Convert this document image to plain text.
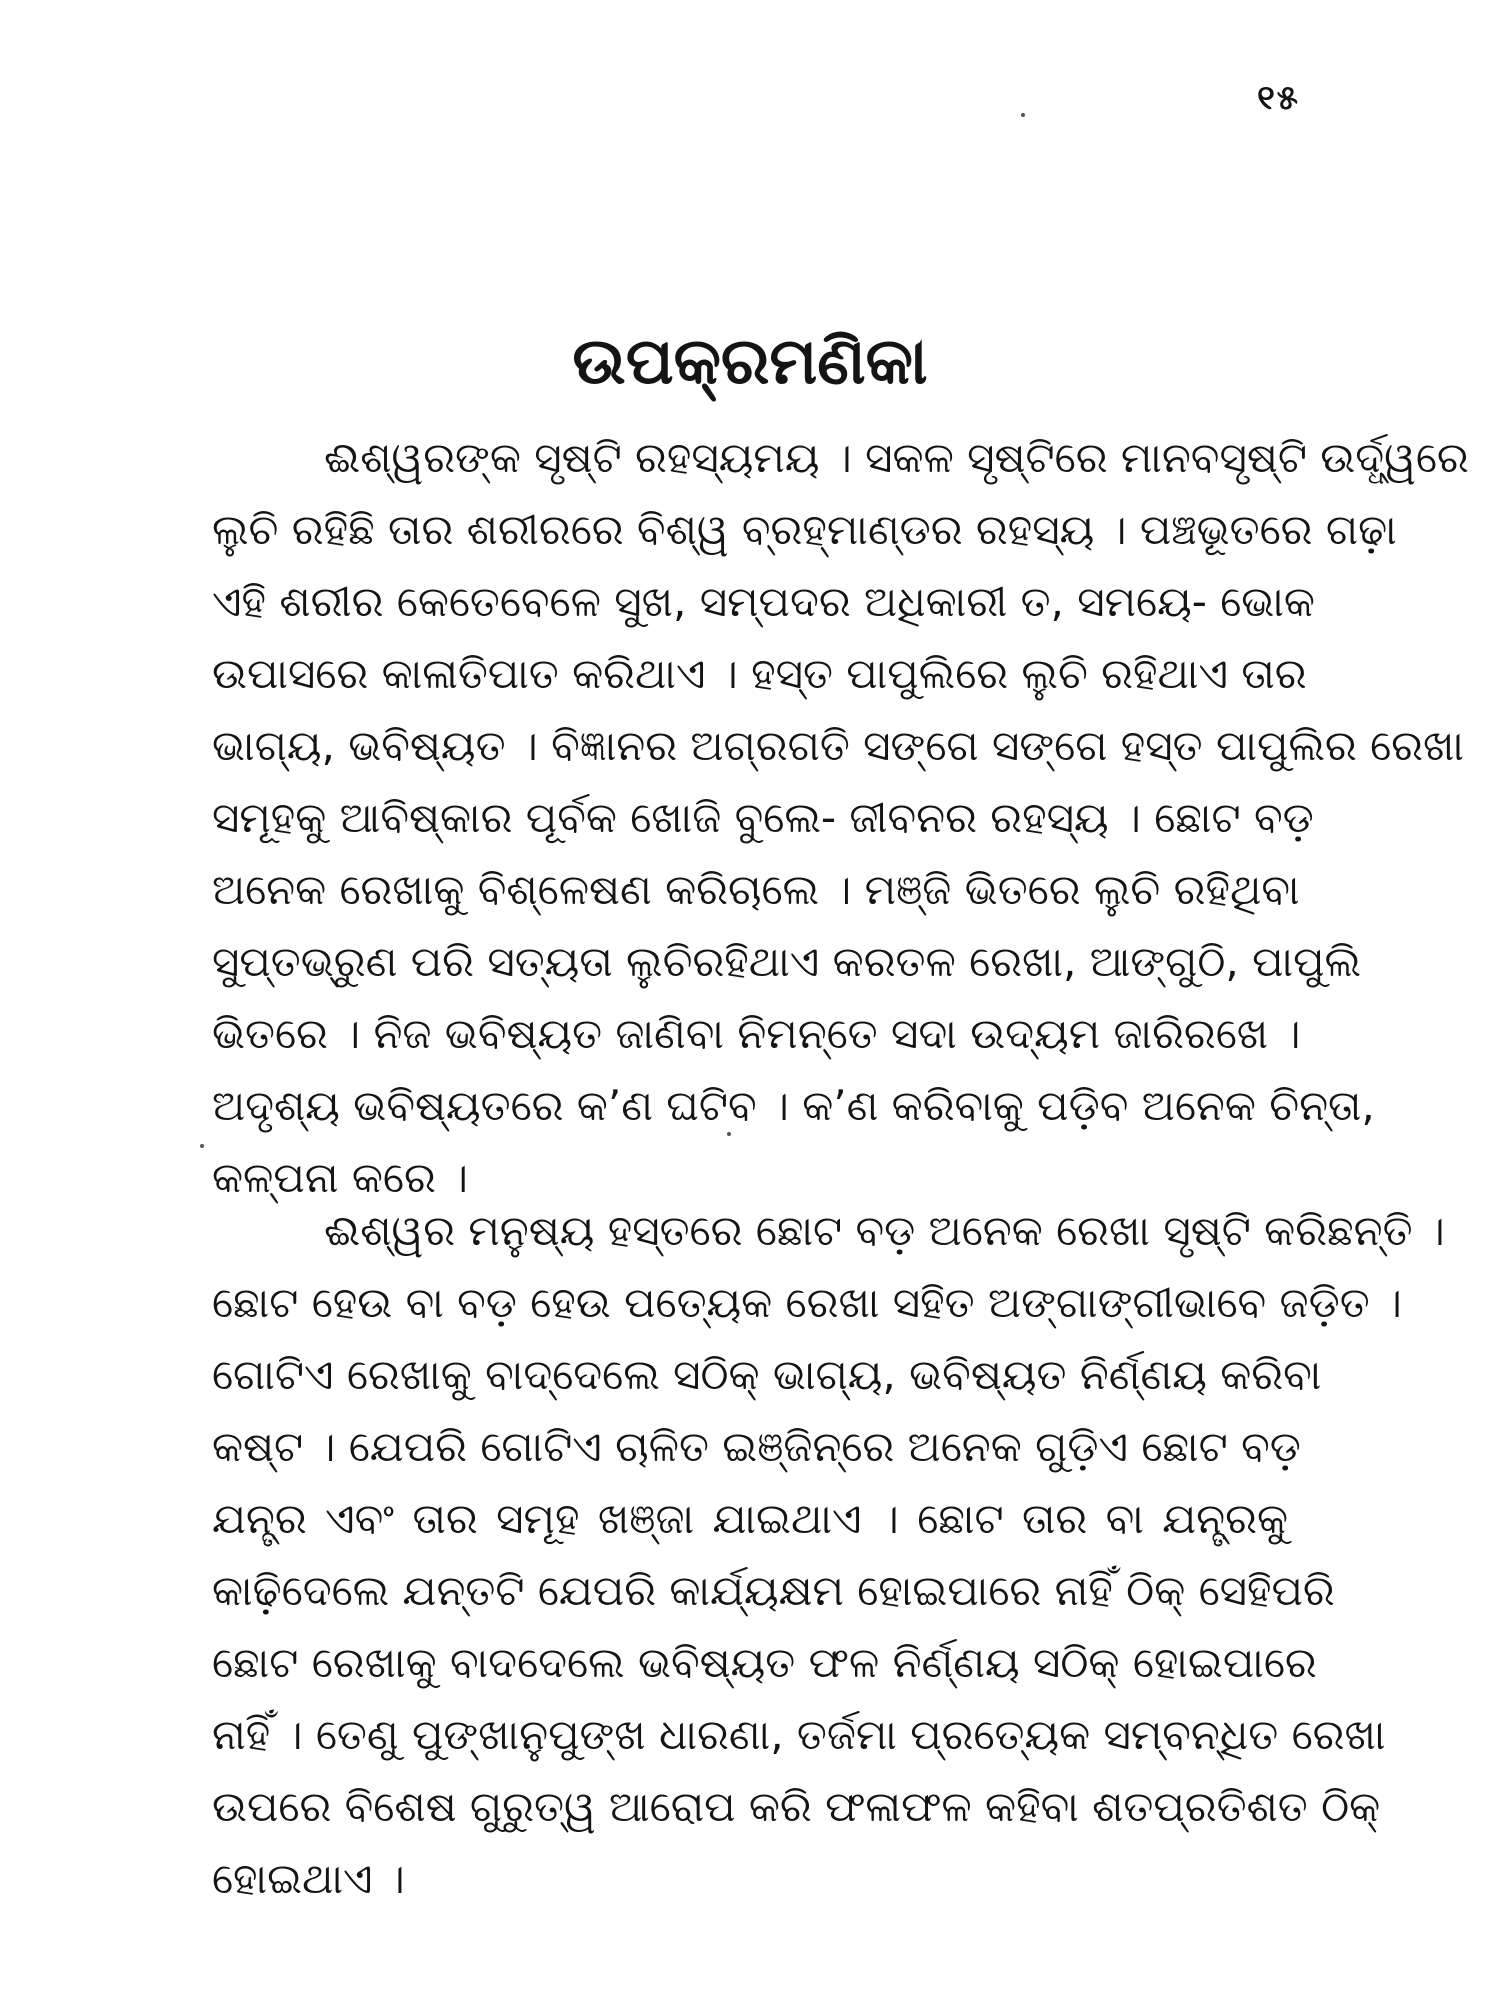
୧୫
ଉପକ୍ରମଣିକା
ଈଶ୍ୱରଙ୍କ ସୃଷ୍ଟି ରହସ୍ୟମୟ । ସକଳ ସୃଷ୍ଟିରେ ମାନବସୃଷ୍ଟି ଉର୍ଦ୍ଧ୍ୱରେ
ଲୁଚି ରହିଛି ତାର ଶରୀରରେ ବିଶ୍ୱ ବ୍ରହ୍ମାଣ୍ଡର ରହସ୍ୟ । ପଞ୍ଚଭୂତରେ ଗଢ଼ା
ଏହି ଶରୀର କେତେବେଳେ ସୁଖ, ସମ୍ପଦର ଅଧିକାରୀ ତ, ସମୟେ- ଭୋକ
ଉପାସରେ କାଳାତିପାତ କରିଥାଏ । ହସ୍ତ ପାପୁଲିରେ ଲୁଚି ରହିଥାଏ ତାର
ଭାଗ୍ୟ, ଭବିଷ୍ୟତ । ବିଜ୍ଞାନର ଅଗ୍ରଗତି ସଙ୍ଗେ ସଙ୍ଗେ ହସ୍ତ ପାପୁଲିର ରେଖା
ସମୂହକୁ ଆବିଷ୍କାର ପୂର୍ବକ ଖୋଜି ବୁଲେ- ଜୀବନର ରହସ୍ୟ । ଛୋଟ ବଡ଼
ଅନେକ ରେଖାକୁ ବିଶ୍ଳେଷଣ କରିଚାଲେ । ମଞ୍ଜି ଭିତରେ ଲୁଚି ରହିଥିବା
ସୁପ୍ତଭ୍ରୁଣ ପରି ସତ୍ୟତା ଲୁଚିରହିଥାଏ କରତଳ ରେଖା, ଆଙ୍ଗୁଠି, ପାପୁଲି
ଭିତରେ । ନିଜ ଭବିଷ୍ୟତ ଜାଣିବା ନିମନ୍ତେ ସଦା ଉଦ୍ୟମ ଜାରିରଖେ ।
ଅଦୃଶ୍ୟ ଭବିଷ୍ୟତରେ କ’ଣ ଘଟିବ । କ’ଣ କରିବାକୁ ପଡ଼ିବ ଅନେକ ଚିନ୍ତା,
କଳ୍ପନା କରେ ।
ଈଶ୍ୱର ମନୁଷ୍ୟ ହସ୍ତରେ ଛୋଟ ବଡ଼ ଅନେକ ରେଖା ସୃଷ୍ଟି କରିଛନ୍ତି ।
ଛୋଟ ହେଉ ବା ବଡ଼ ହେଉ ପତ୍ୟେକ ରେଖା ସହିତ ଅଙ୍ଗାଙ୍ଗୀଭାବେ ଜଡ଼ିତ ।
ଗୋଟିଏ ରେଖାକୁ ବାଦ୍‌ଦେଲେ ସଠିକ୍ ଭାଗ୍ୟ, ଭବିଷ୍ୟତ ନିର୍ଣ୍ଣୟ କରିବା
କଷ୍ଟ । ଯେପରି ଗୋଟିଏ ଚାଳିତ ଇଞ୍ଜିନ୍‌ରେ ଅନେକ ଗୁଡ଼ିଏ ଛୋଟ ବଡ଼
ଯନ୍ତ୍ର ଏବଂ ତାର ସମୂହ ଖଞ୍ଜା ଯାଇଥାଏ । ଛୋଟ ତାର ବା ଯନ୍ତ୍ରକୁ
କାଢ଼ିଦେଲେ ଯନ୍ତଟି ଯେପରି କାର୍ଯ୍ୟକ୍ଷମ ହୋଇପାରେ ନାହିଁ ଠିକ୍ ସେହିପରି
ଛୋଟ ରେଖାକୁ ବାଦଦେଲେ ଭବିଷ୍ୟତ ଫଳ ନିର୍ଣ୍ଣୟ ସଠିକ୍ ହୋଇପାରେ
ନାହିଁ । ତେଣୁ ପୁଙ୍ଖାନୁପୁଙ୍ଖ ଧାରଣା, ତର୍ଜମା ପ୍ରତ୍ୟେକ ସମ୍ବନ୍ଧିତ ରେଖା
ଉପରେ ବିଶେଷ ଗୁରୁତ୍ୱ ଆରୋପ କରି ଫଳାଫଳ କହିବା ଶତପ୍ରତିଶତ ଠିକ୍
ହୋଇଥାଏ ।
